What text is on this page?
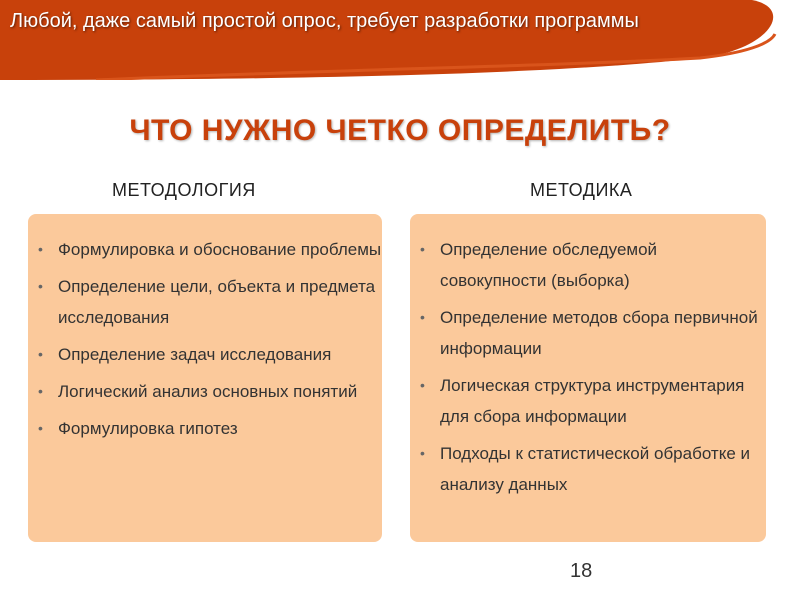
Любой, даже самый простой опрос, требует разработки программы
ЧТО НУЖНО ЧЕТКО ОПРЕДЕЛИТЬ?
МЕТОДОЛОГИЯ	МЕТОДИКА
• Формулировка и обоснование проблемы
• Определение цели, объекта и предмета исследования
• Определение задач исследования
• Логический анализ основных понятий
• Формулировка гипотез
• Определение обследуемой совокупности (выборка)
• Определение методов сбора первичной информации
• Логическая структура инструментария для сбора информации
• Подходы к статистической обработке и анализу данных
18
